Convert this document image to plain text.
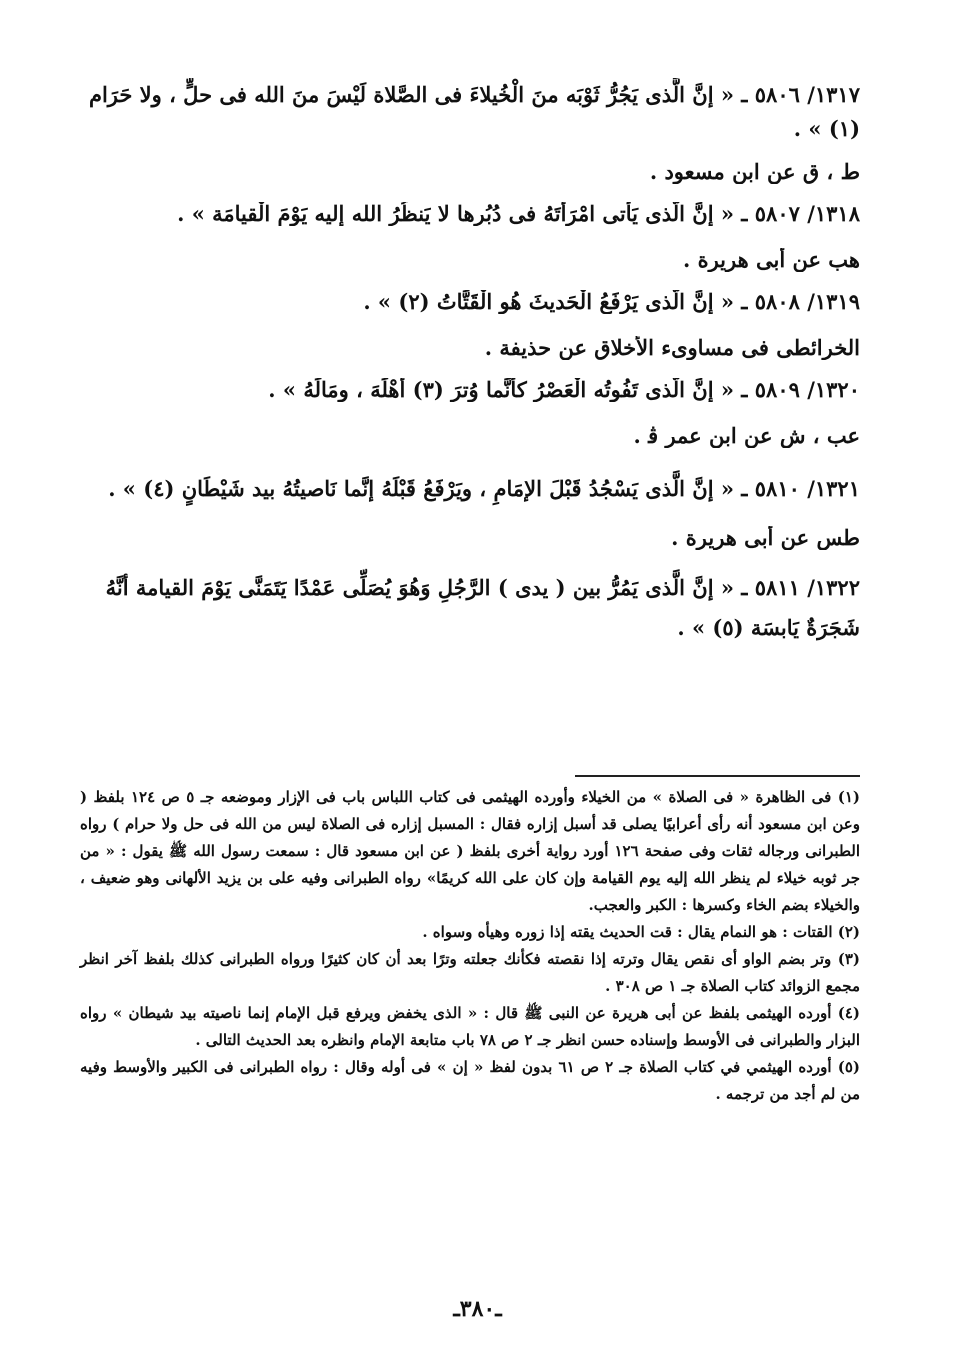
١٣١٧/ ٥٨٠٦ ـ « إنَّ الَّذى يَجُرُّ ثَوْبَه منَ الْخُيلاءَ فى الصَّلاة لَيْسَ منَ الله فى حلٍّ ، ولا حَرَام (١) » .
ط ، ق عن ابن مسعود .
١٣١٨/ ٥٨٠٧ ـ « إنَّ الَّذى يَأتى امْرَأتَهُ فى دُبُرِها لا يَنظُرُ الله إليه يَوْمَ الْقيامَة » .
هب عن أبى هريرة .
١٣١٩/ ٥٨٠٨ ـ « إنَّ الَّذى يَرْفَعُ الْحَديثَ هُو الْقَتَّاتُ (٢) » .
الخرائطى فى مساوىء الأخلاق عن حذيفة .
١٣٢٠/ ٥٨٠٩ ـ « إنَّ الَّذى تَفُوتُه الْعَصْرُ كأنَّما وُترَ (٣) أهْلَهَ ، ومَالَهُ » .
عب ، ش عن ابن عمر ﭬ .
١٣٢١/ ٥٨١٠ ـ « إنَّ الَّذى يَسْجُدُ قَبْلَ الإمَامِ ، ويَرْفَعُ قَبْلَهُ إنَّما نَاصيتُهُ بيد شَيْطَانٍ (٤) » .
طس عن أبى هريرة .
١٣٢٢/ ٥٨١١ ـ « إنَّ الَّذى يَمُرُّ بين ( يدى ) الرَّجُلِ وَهُوَ يُصَلِّى عَمْدًا يَتَمَنَّى يَوْمَ القيامة أنَّهُ شَجَرَةٌ يَابسَة (٥) » .
(١) فى الظاهرة « فى الصلاة » من الخيلاء وأورده الهيثمى فى كتاب اللباس باب فى الإزار وموضعه جـ ٥ ص ١٢٤ بلفظ ( وعن ابن مسعود أنه رأى أعرابيًا يصلى قد أسبل إزاره فقال : المسبل إزاره فى الصلاة ليس من الله فى حل ولا حرام ) رواه الطبرانى ورجاله ثقات وفى صفحة ١٢٦ أورد رواية أخرى بلفظ ( عن ابن مسعود قال : سمعت رسول الله ﷺ يقول : « من جر ثوبه خيلاء لم ينظر الله إليه يوم القيامة وإن كان على الله كريمًا» رواه الطبرانى وفيه على بن يزيد الألهانى وهو ضعيف ، والخيلاء بضم الخاء وكسرها : الكبر والعجب.
(٢) القتات : هو النمام يقال : قت الحديث يقته إذا زوره وهيأه وسواه .
(٣) وتر بضم الواو أى نقص يقال وترته إذا نقصته فكأنك جعلته وترًا بعد أن كان كثيرًا ورواه الطبرانى كذلك بلفظ آخر انظر مجمع الزوائد كتاب الصلاة جـ ١ ص ٣٠٨ .
(٤) أورده الهيثمى بلفظ عن أبى هريرة عن النبى ﷺ قال : « الذى يخفض ويرفع قبل الإمام إنما ناصيته بيد شيطان » رواه البزار والطبرانى فى الأوسط وإسناده حسن انظر جـ ٢ ص ٧٨ باب متابعة الإمام وانظره بعد الحديث التالى .
(٥) أورده الهيثمي في كتاب الصلاة جـ ٢ ص ٦١ بدون لفظ « إن » فى أوله وقال : رواه الطبرانى فى الكبير والأوسط وفيه من لم أجد من ترجمه .
ـ٣٨٠ـ
